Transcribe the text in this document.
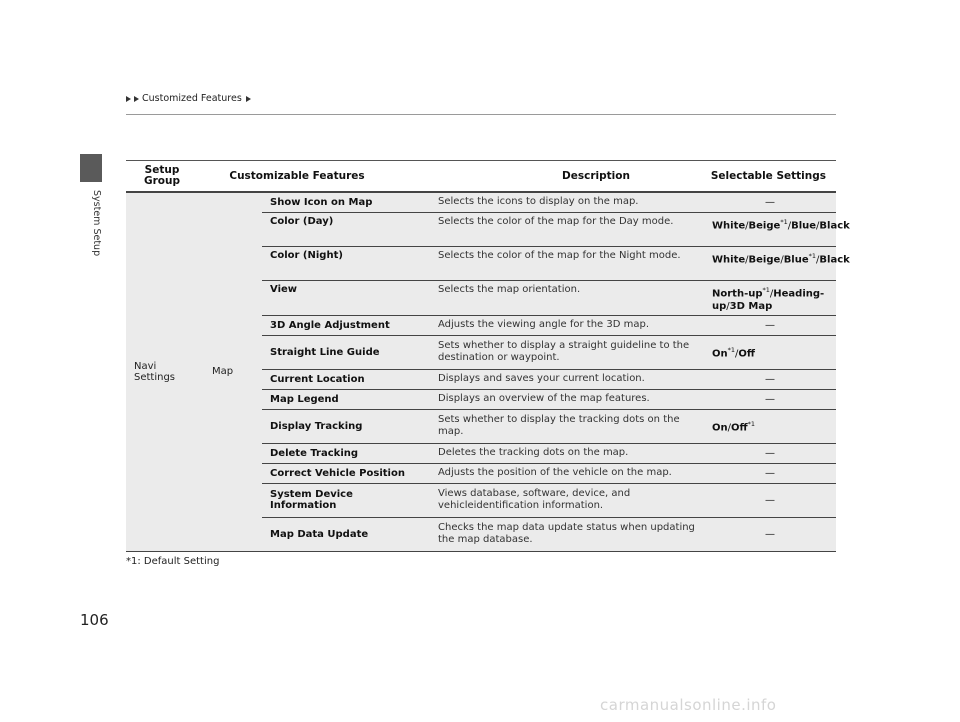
System Setup
Customized Features
Setup Group	Customizable Features		Description	Selectable Settings
Navi Settings	Map	Show Icon on Map	Selects the icons to display on the map.	—

		Color (Day)	Selects the color of the map for the Day mode.	White/Beige$^{*1}$/Blue/Black
		Color (Night)	Selects the color of the map for the Night mode.	White/Beige/Blue$^{*1}$/Black
		View	Selects the map orientation.	North-$up^{*1}/Heading-up/3D$ Map
		3D Angle Adjustment	Adjusts the viewing angle for the 3D map.	—

		Straight Line Guide	Sets whether to display a straight guideline to the destination or waypoint.	On$^{*1}$/Off
		Current Location	Displays and saves your current location.	—

		Map Legend	Displays an overview of the map features.	—

		Display Tracking	Sets whether to display the tracking dots on the map.	On/Off$^{*1}$
		Delete Tracking	Deletes the tracking dots on the map.	—

		Correct Vehicle Position	Adjusts the position of the vehicle on the map.	—

		System Device Information	Views database, software, device, and vehicleidentification information.	—

		Map Data Update	Checks the map data update status when updating the map database.	—
*1: Default Setting
106
carmanualsonline.info
